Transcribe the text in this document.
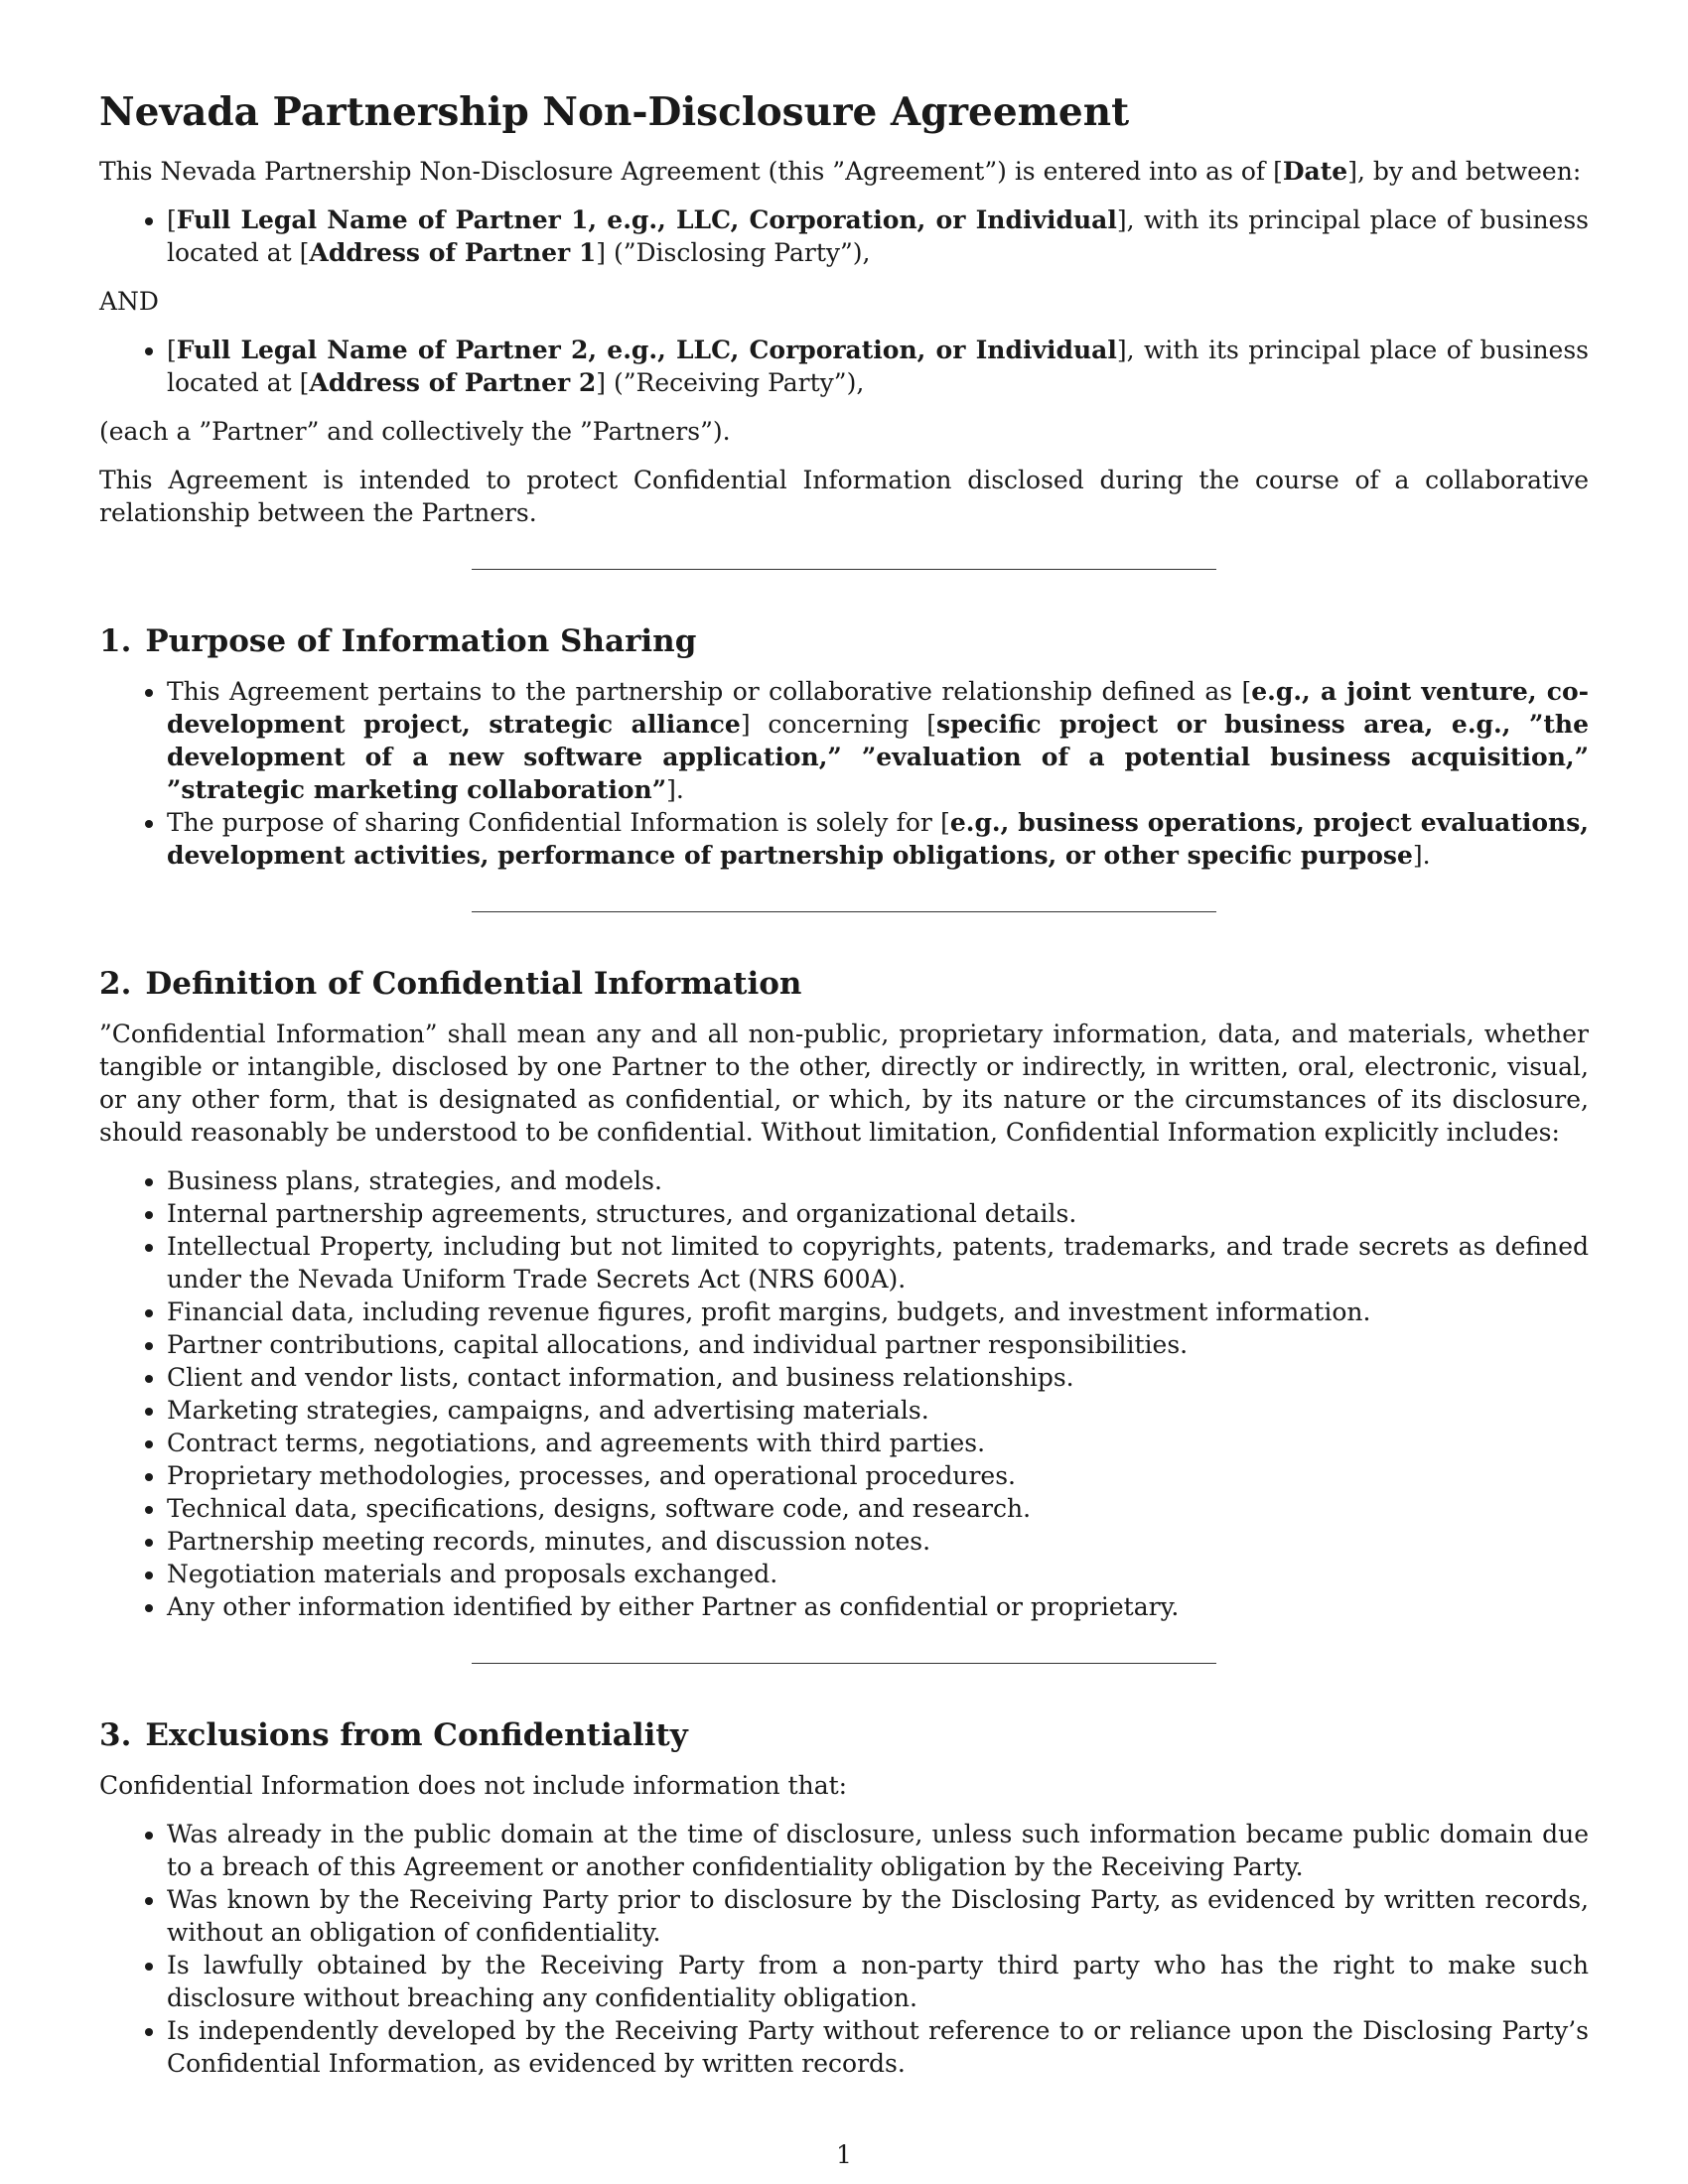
Nevada Partnership Non-Disclosure Agreement

This Nevada Partnership Non-Disclosure Agreement (this ”Agreement”) is entered into as of [Date], by and between:

• [Full Legal Name of Partner 1, e.g., LLC, Corporation, or Individual], with its principal place of business located at [Address of Partner 1] (”Disclosing Party”),
AND
• [Full Legal Name of Partner 2, e.g., LLC, Corporation, or Individual], with its principal place of business located at [Address of Partner 2] (”Receiving Party”),

(each a ”Partner” and collectively the ”Partners”).

This Agreement is intended to protect Confidential Information disclosed during the course of a collaborative relationship between the Partners.

1. Purpose of Information Sharing
• This Agreement pertains to the partnership or collaborative relationship defined as [e.g., a joint venture, co-development project, strategic alliance] concerning [specific project or business area, e.g., ”the development of a new software application,” ”evaluation of a potential business acquisition,” ”strategic marketing collaboration”].
• The purpose of sharing Confidential Information is solely for [e.g., business operations, project evaluations, development activities, performance of partnership obligations, or other specific purpose].
2. Definition of Confidential Information

”Confidential Information” shall mean any and all non-public, proprietary information, data, and materials, whether tangible or intangible, disclosed by one Partner to the other, directly or indirectly, in written, oral, electronic, visual, or any other form, that is designated as confidential, or which, by its nature or the circumstances of its disclosure, should reasonably be understood to be confidential. Without limitation, Confidential Information explicitly includes:

• Business plans, strategies, and models.
• Internal partnership agreements, structures, and organizational details.
• Intellectual Property, including but not limited to copyrights, patents, trademarks, and trade secrets as defined under the Nevada Uniform Trade Secrets Act (NRS 600A).
• Financial data, including revenue figures, profit margins, budgets, and investment information.
• Partner contributions, capital allocations, and individual partner responsibilities.
• Client and vendor lists, contact information, and business relationships.
• Marketing strategies, campaigns, and advertising materials.
• Contract terms, negotiations, and agreements with third parties.
• Proprietary methodologies, processes, and operational procedures.
• Technical data, specifications, designs, software code, and research.
• Partnership meeting records, minutes, and discussion notes.
• Negotiation materials and proposals exchanged.
• Any other information identified by either Partner as confidential or proprietary.
3. Exclusions from Confidentiality

Confidential Information does not include information that:

• Was already in the public domain at the time of disclosure, unless such information became public domain due to a breach of this Agreement or another confidentiality obligation by the Receiving Party.
• Was known by the Receiving Party prior to disclosure by the Disclosing Party, as evidenced by written records, without an obligation of confidentiality.
• Is lawfully obtained by the Receiving Party from a non-party third party who has the right to make such disclosure without breaching any confidentiality obligation.
• Is independently developed by the Receiving Party without reference to or reliance upon the Disclosing Party’s Confidential Information, as evidenced by written records.
1
